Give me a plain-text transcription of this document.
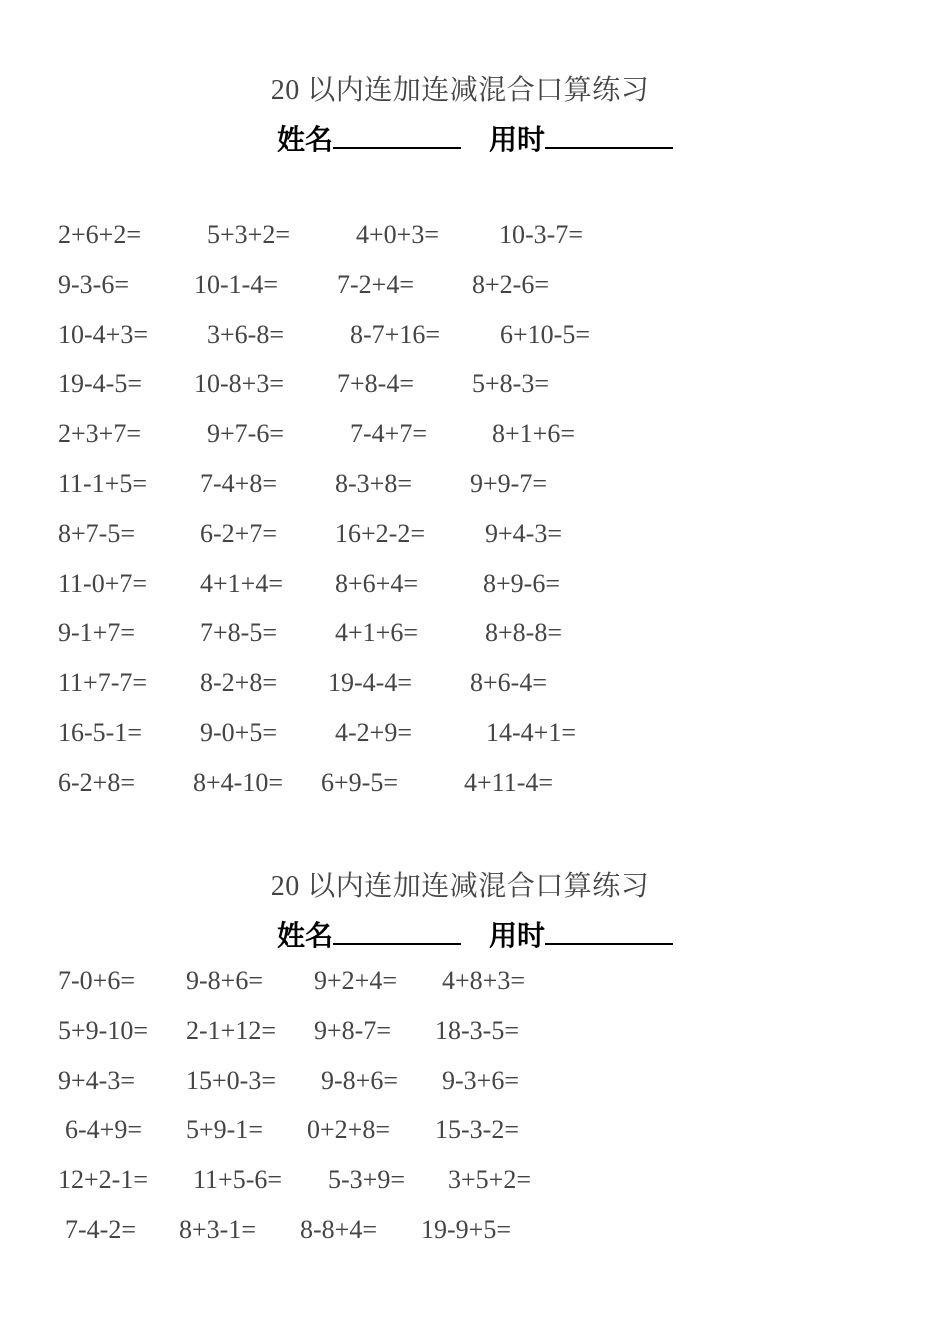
20 以内连加连减混合口算练习
姓名	用时
2+6+2=	5+3+2=	4+0+3= 10-3-7=
9-3-6=	10-1-4= 7-2+4= 8+2-6=
10-4+3= 3+6-8=	8-7+16= 6+10-5=
19-4-5= 10-8+3= 7+8-4= 5+8-3=
2+3+7=	9+7-6=	7-4+7=	8+1+6=
11-1+5= 7-4+8= 8-3+8= 9+9-7=
8+7-5=	6-2+7= 16+2-2= 9+4-3=
11-0+7= 4+1+4= 8+6+4=	8+9-6=
9-1+7=	7+8-5= 4+1+6=	8+8-8=
11+7-7= 8-2+8= 19-4-4= 8+6-4=
16-5-1= 9-0+5= 4-2+9=	14-4+1=
6-2+8= 8+4-10= 6+9-5=	4+11-4=
20 以内连加连减混合口算练习
姓名	用时
7-0+6= 9-8+6= 9+2+4= 4+8+3=
5+9-10= 2-1+12= 9+8-7= 18-3-5=
9+4-3= 15+0-3= 9-8+6= 9-3+6=
6-4+9= 5+9-1= 0+2+8= 15-3-2=
12+2-1= 11+5-6= 5-3+9= 3+5+2=
7-4-2= 8+3-1= 8-8+4= 19-9+5=
